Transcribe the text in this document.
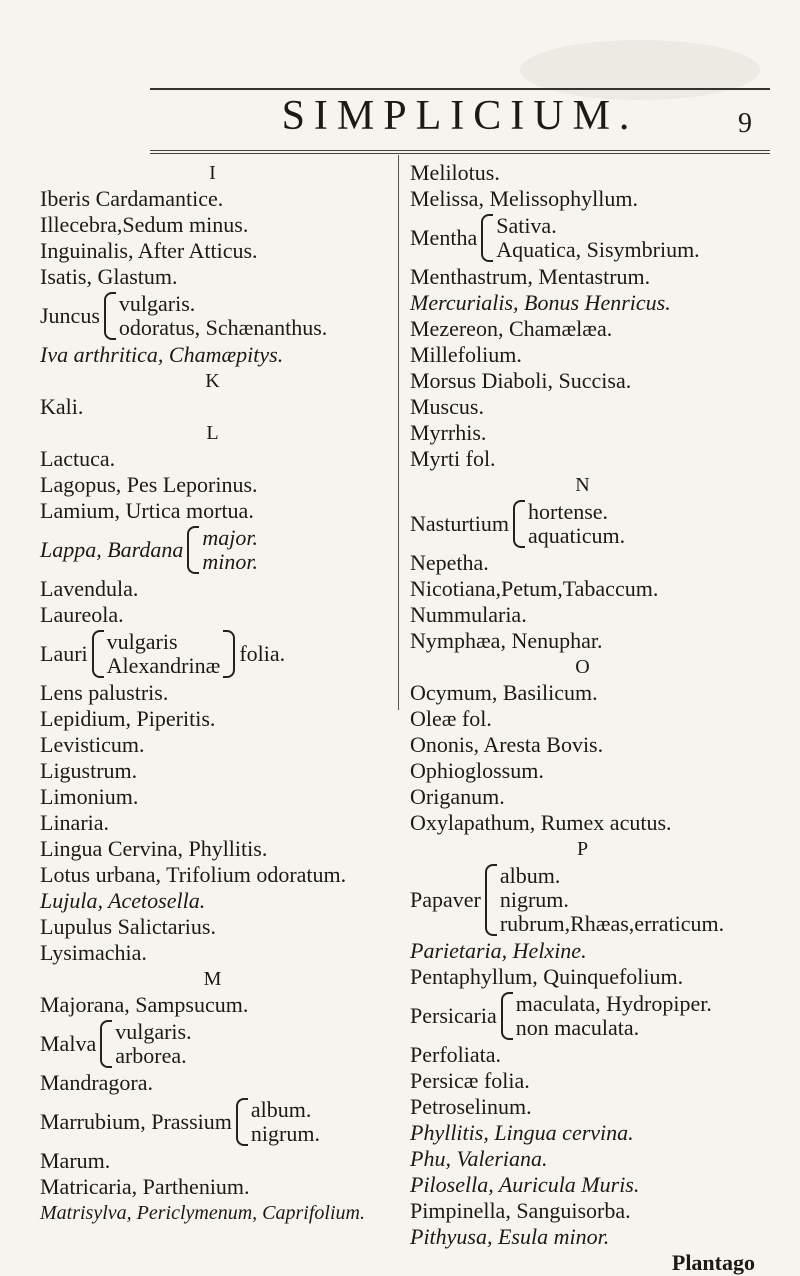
SIMPLICIUM.	9
I
Iberis Cardamantice.
Illecebra,Sedum minus.
Inguinalis, After Atticus.
Isatis, Glastum.
Juncus vulgaris.
odoratus, Schænanthus.
Iva arthritica, Chamæpitys.
K
Kali.
L
Lactuca.
Lagopus, Pes Leporinus.
Lamium, Urtica mortua.
Lappa, Bardana major.
minor.
Lavendula.
Laureola.
Lauri vulgaris
Alexandrinæ folia.
Lens palustris.
Lepidium, Piperitis.
Levisticum.
Ligustrum.
Limonium.
Linaria.
Lingua Cervina, Phyllitis.
Lotus urbana, Trifolium odoratum.
Lujula, Acetosella.
Lupulus Salictarius.
Lysimachia.
M
Majorana, Sampsucum.
Malva vulgaris.
arborea.
Mandragora.
Marrubium, Prassium album.
nigrum.
Marum.
Matricaria, Parthenium.
Matrisylva, Periclymenum, Caprifolium.
Melilotus.
Melissa, Melissophyllum.
Mentha Sativa.
Aquatica, Sisymbrium.
Menthastrum, Mentastrum.
Mercurialis, Bonus Henricus.
Mezereon, Chamælæa.
Millefolium.
Morsus Diaboli, Succisa.
Muscus.
Myrrhis.
Myrti fol.
N
Nasturtium hortense.
aquaticum.
Nepetha.
Nicotiana,Petum,Tabaccum.
Nummularia.
Nymphæa, Nenuphar.
O
Ocymum, Basilicum.
Oleæ fol.
Ononis, Aresta Bovis.
Ophioglossum.
Origanum.
Oxylapathum, Rumex acutus.
P
Papaver
album.
nigrum.
rubrum,Rhæas,erraticum.
Parietaria, Helxine.
Pentaphyllum, Quinquefolium.
Persicaria maculata, Hydropiper.
non maculata.
Perfoliata.
Persicæ folia.
Petroselinum.
Phyllitis, Lingua cervina.
Phu, Valeriana.
Pilosella, Auricula Muris.
Pimpinella, Sanguisorba.
Pithyusa, Esula minor.
Plantago
